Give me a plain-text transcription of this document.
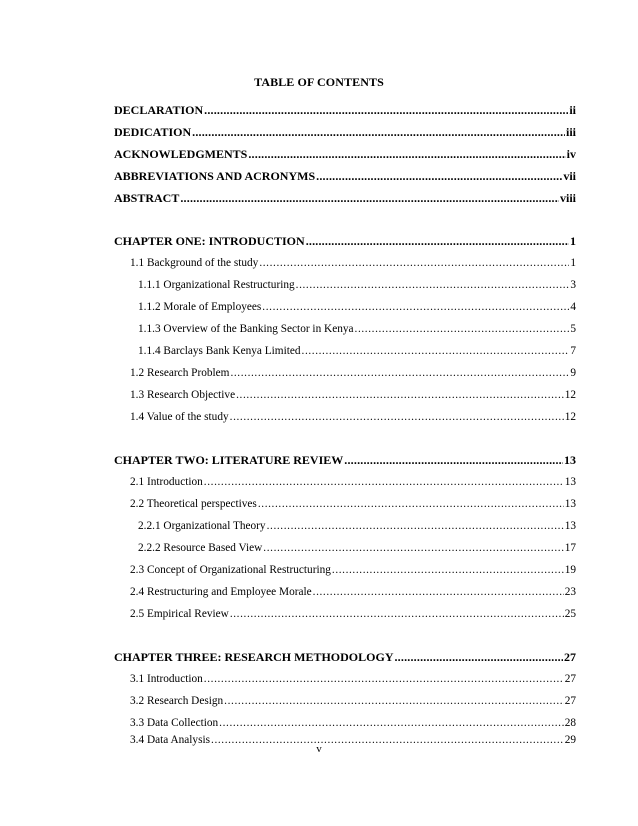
TABLE OF CONTENTS
DECLARATION .....	ii
DEDICATION .....	iii
ACKNOWLEDGMENTS .....	iv
ABBREVIATIONS AND ACRONYMS .....	vii
ABSTRACT .....	viii
CHAPTER ONE: INTRODUCTION .....	1
1.1 Background of the study .....	1
1.1.1 Organizational Restructuring .....	3
1.1.2 Morale of Employees .....	4
1.1.3 Overview of the Banking Sector in Kenya .....	5
1.1.4 Barclays Bank Kenya Limited .....	7
1.2 Research Problem .....	9
1.3 Research Objective .....	12
1.4 Value of the study .....	12
CHAPTER TWO: LITERATURE REVIEW .....	13
2.1 Introduction .....	13
2.2 Theoretical perspectives .....	13
2.2.1 Organizational Theory .....	13
2.2.2 Resource Based View .....	17
2.3 Concept of Organizational Restructuring .....	19
2.4 Restructuring and Employee Morale .....	23
2.5 Empirical Review .....	25
CHAPTER THREE: RESEARCH METHODOLOGY .....	27
3.1 Introduction .....	27
3.2 Research Design .....	27
3.3 Data Collection .....	28
3.4 Data Analysis .....	29
v
